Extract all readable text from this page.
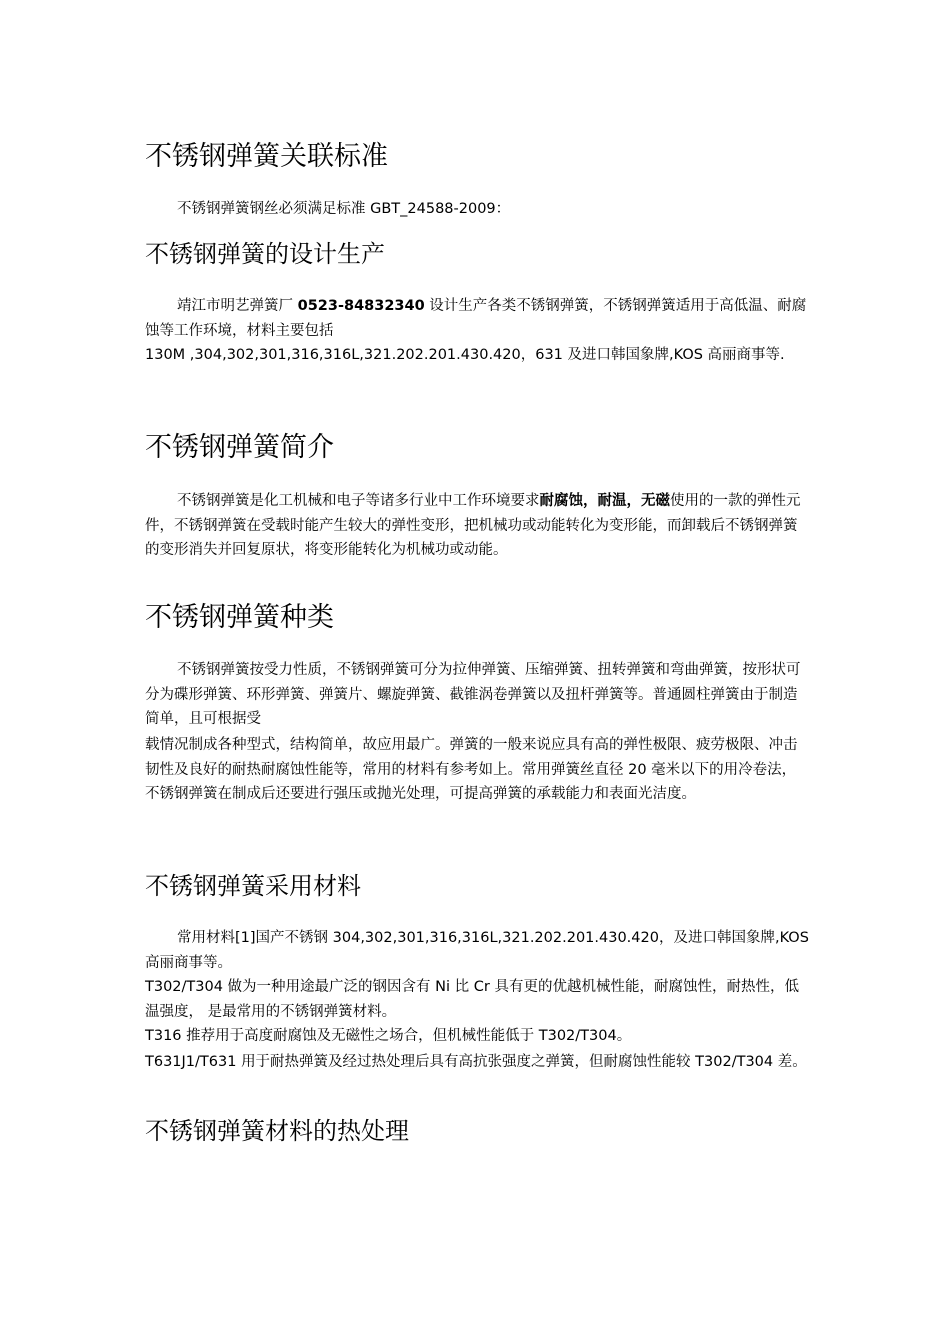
不锈钢弹簧关联标准

不锈钢弹簧钢丝必须满足标准 GBT_24588-2009：

不锈钢弹簧的设计生产

靖江市明艺弹簧厂 0523-84832340 设计生产各类不锈钢弹簧，不锈钢弹簧适用于高低温、耐腐蚀等工作环境，材料主要包括

130M ,304,302,301,316,316L,321.202.201.430.420，631 及进口韩国象牌,KOS 高丽商事等.

不锈钢弹簧简介

不锈钢弹簧是化工机械和电子等诸多行业中工作环境要求耐腐蚀，耐温，无磁使用的一款的弹性元件，不锈钢弹簧在受载时能产生较大的弹性变形，把机械功或动能转化为变形能，而卸载后不锈钢弹簧的变形消失并回复原状，将变形能转化为机械功或动能。

不锈钢弹簧种类

不锈钢弹簧按受力性质，不锈钢弹簧可分为拉伸弹簧、压缩弹簧、扭转弹簧和弯曲弹簧，按形状可分为碟形弹簧、环形弹簧、弹簧片、螺旋弹簧、截锥涡卷弹簧以及扭杆弹簧等。普通圆柱弹簧由于制造简单，且可根据受

载情况制成各种型式，结构简单，故应用最广。弹簧的一般来说应具有高的弹性极限、疲劳极限、冲击韧性及良好的耐热耐腐蚀性能等，常用的材料有参考如上。常用弹簧丝直径 20 毫米以下的用冷卷法，不锈钢弹簧在制成后还要进行强压或抛光处理，可提高弹簧的承载能力和表面光洁度。

不锈钢弹簧采用材料

常用材料[1]国产不锈钢 304,302,301,316,316L,321.202.201.430.420，及进口韩国象牌,KOS 高丽商事等。

T302/T304 做为一种用途最广泛的钢因含有 Ni 比 Cr 具有更的优越机械性能，耐腐蚀性，耐热性，低温强度， 是最常用的不锈钢弹簧材料。

T316 推荐用于高度耐腐蚀及无磁性之场合，但机械性能低于 T302/T304。

T631J1/T631 用于耐热弹簧及经过热处理后具有高抗张强度之弹簧，但耐腐蚀性能较 T302/T304 差。

不锈钢弹簧材料的热处理
